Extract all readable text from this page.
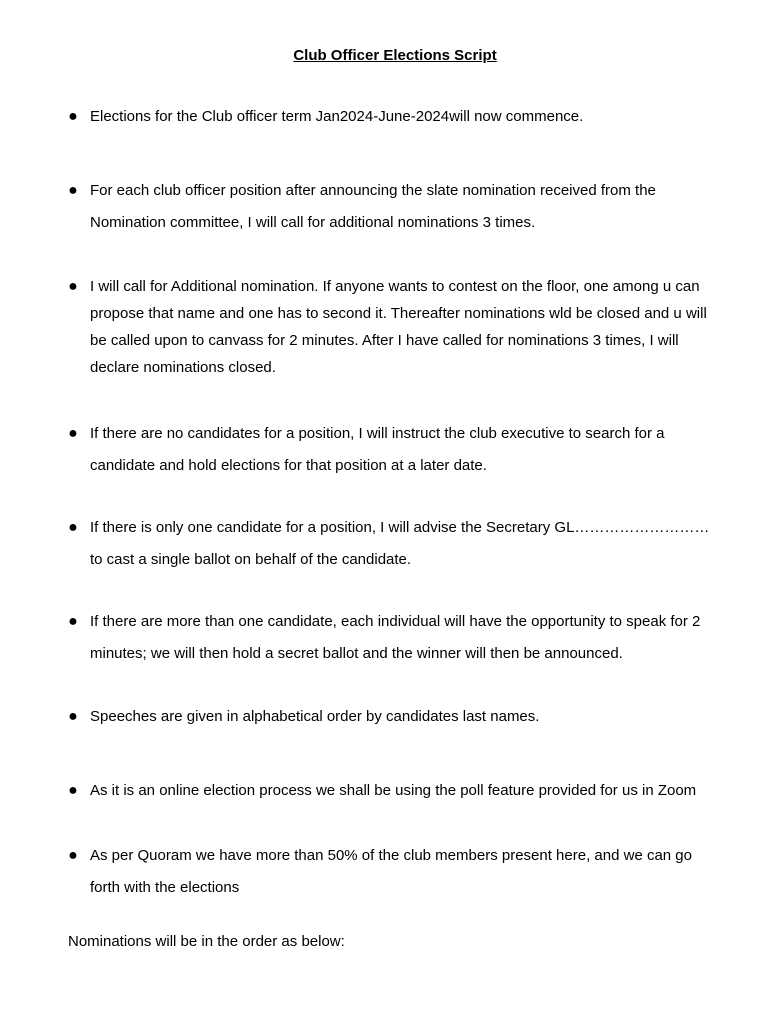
Club Officer Elections Script
● Elections for the Club officer term Jan2024-June-2024will now commence.
● For each club officer position after announcing the slate nomination received from the Nomination committee, I will call for additional nominations 3 times.
● I will call for Additional nomination. If anyone wants to contest on the floor, one among u can propose that name and one has to second it. Thereafter nominations wld be closed and u will be called upon to canvass for 2 minutes. After I have called for nominations 3 times, I will declare nominations closed.
● If there are no candidates for a position, I will instruct the club executive to search for a candidate and hold elections for that position at a later date.
● If there is only one candidate for a position, I will advise the Secretary GL……………………… to cast a single ballot on behalf of the candidate.
● If there are more than one candidate, each individual will have the opportunity to speak for 2 minutes; we will then hold a secret ballot and the winner will then be announced.
● Speeches are given in alphabetical order by candidates last names.
● As it is an online election process we shall be using the poll feature provided for us in Zoom
● As per Quoram we have more than 50% of the club members present here, and we can go forth with the elections
Nominations will be in the order as below:
